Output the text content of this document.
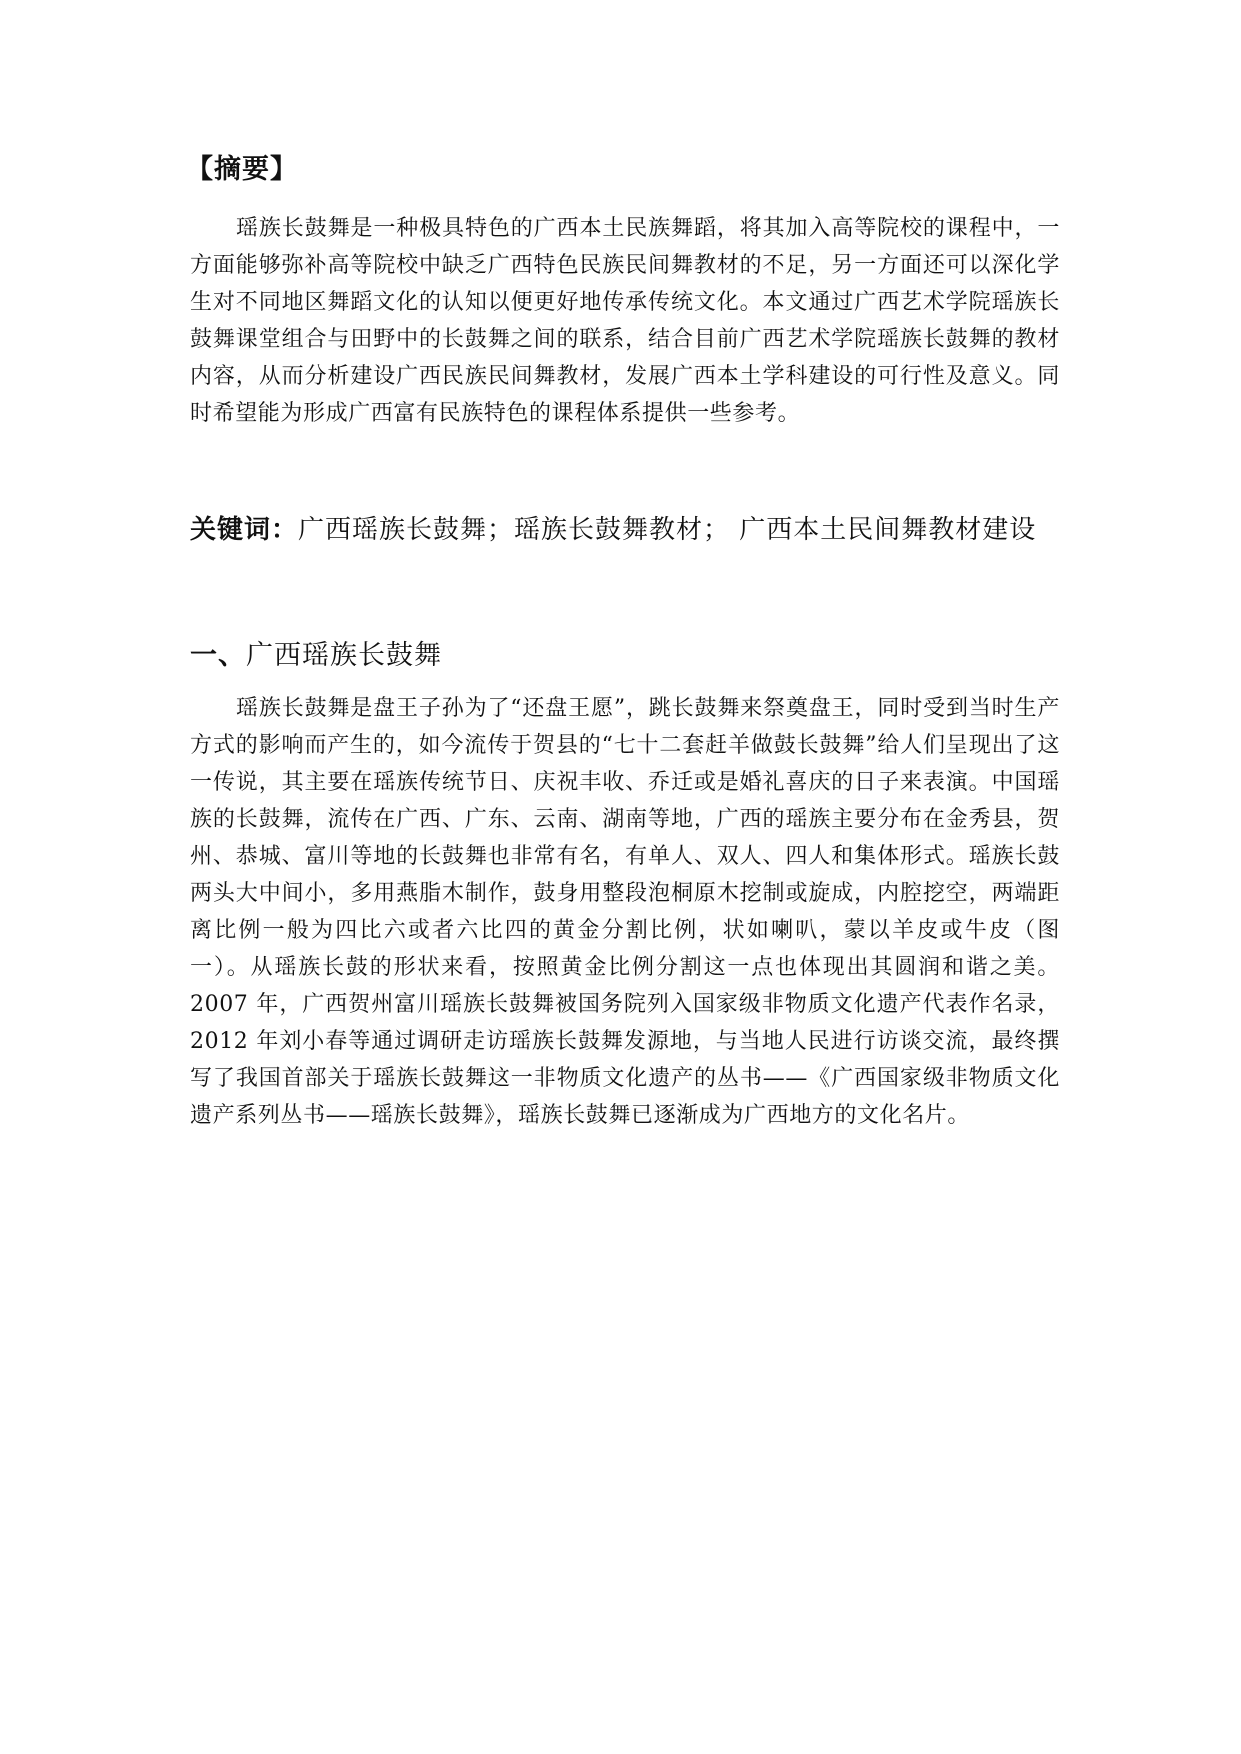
【摘要】

瑶族长鼓舞是一种极具特色的广西本土民族舞蹈，将其加入高等院校的课程中，一方面能够弥补高等院校中缺乏广西特色民族民间舞教材的不足，另一方面还可以深化学生对不同地区舞蹈文化的认知以便更好地传承传统文化。本文通过广西艺术学院瑶族长鼓舞课堂组合与田野中的长鼓舞之间的联系，结合目前广西艺术学院瑶族长鼓舞的教材内容，从而分析建设广西民族民间舞教材，发展广西本土学科建设的可行性及意义。同时希望能为形成广西富有民族特色的课程体系提供一些参考。

关键词：广西瑶族长鼓舞；瑶族长鼓舞教材； 广西本土民间舞教材建设
一、广西瑶族长鼓舞

瑶族长鼓舞是盘王子孙为了“还盘王愿”，跳长鼓舞来祭奠盘王，同时受到当时生产方式的影响而产生的，如今流传于贺县的“七十二套赶羊做鼓长鼓舞”给人们呈现出了这一传说，其主要在瑶族传统节日、庆祝丰收、乔迁或是婚礼喜庆的日子来表演。中国瑶族的长鼓舞，流传在广西、广东、云南、湖南等地，广西的瑶族主要分布在金秀县，贺州、恭城、富川等地的长鼓舞也非常有名，有单人、双人、四人和集体形式。瑶族长鼓两头大中间小，多用燕脂木制作，鼓身用整段泡桐原木挖制或旋成，内腔挖空，两端距离比例一般为四比六或者六比四的黄金分割比例，状如喇叭，蒙以羊皮或牛皮（图一）。从瑶族长鼓的形状来看，按照黄金比例分割这一点也体现出其圆润和谐之美。2007 年，广西贺州富川瑶族长鼓舞被国务院列入国家级非物质文化遗产代表作名录，2012 年刘小春等通过调研走访瑶族长鼓舞发源地，与当地人民进行访谈交流，最终撰写了我国首部关于瑶族长鼓舞这一非物质文化遗产的丛书——《广西国家级非物质文化遗产系列丛书——瑶族长鼓舞》，瑶族长鼓舞已逐渐成为广西地方的文化名片。
